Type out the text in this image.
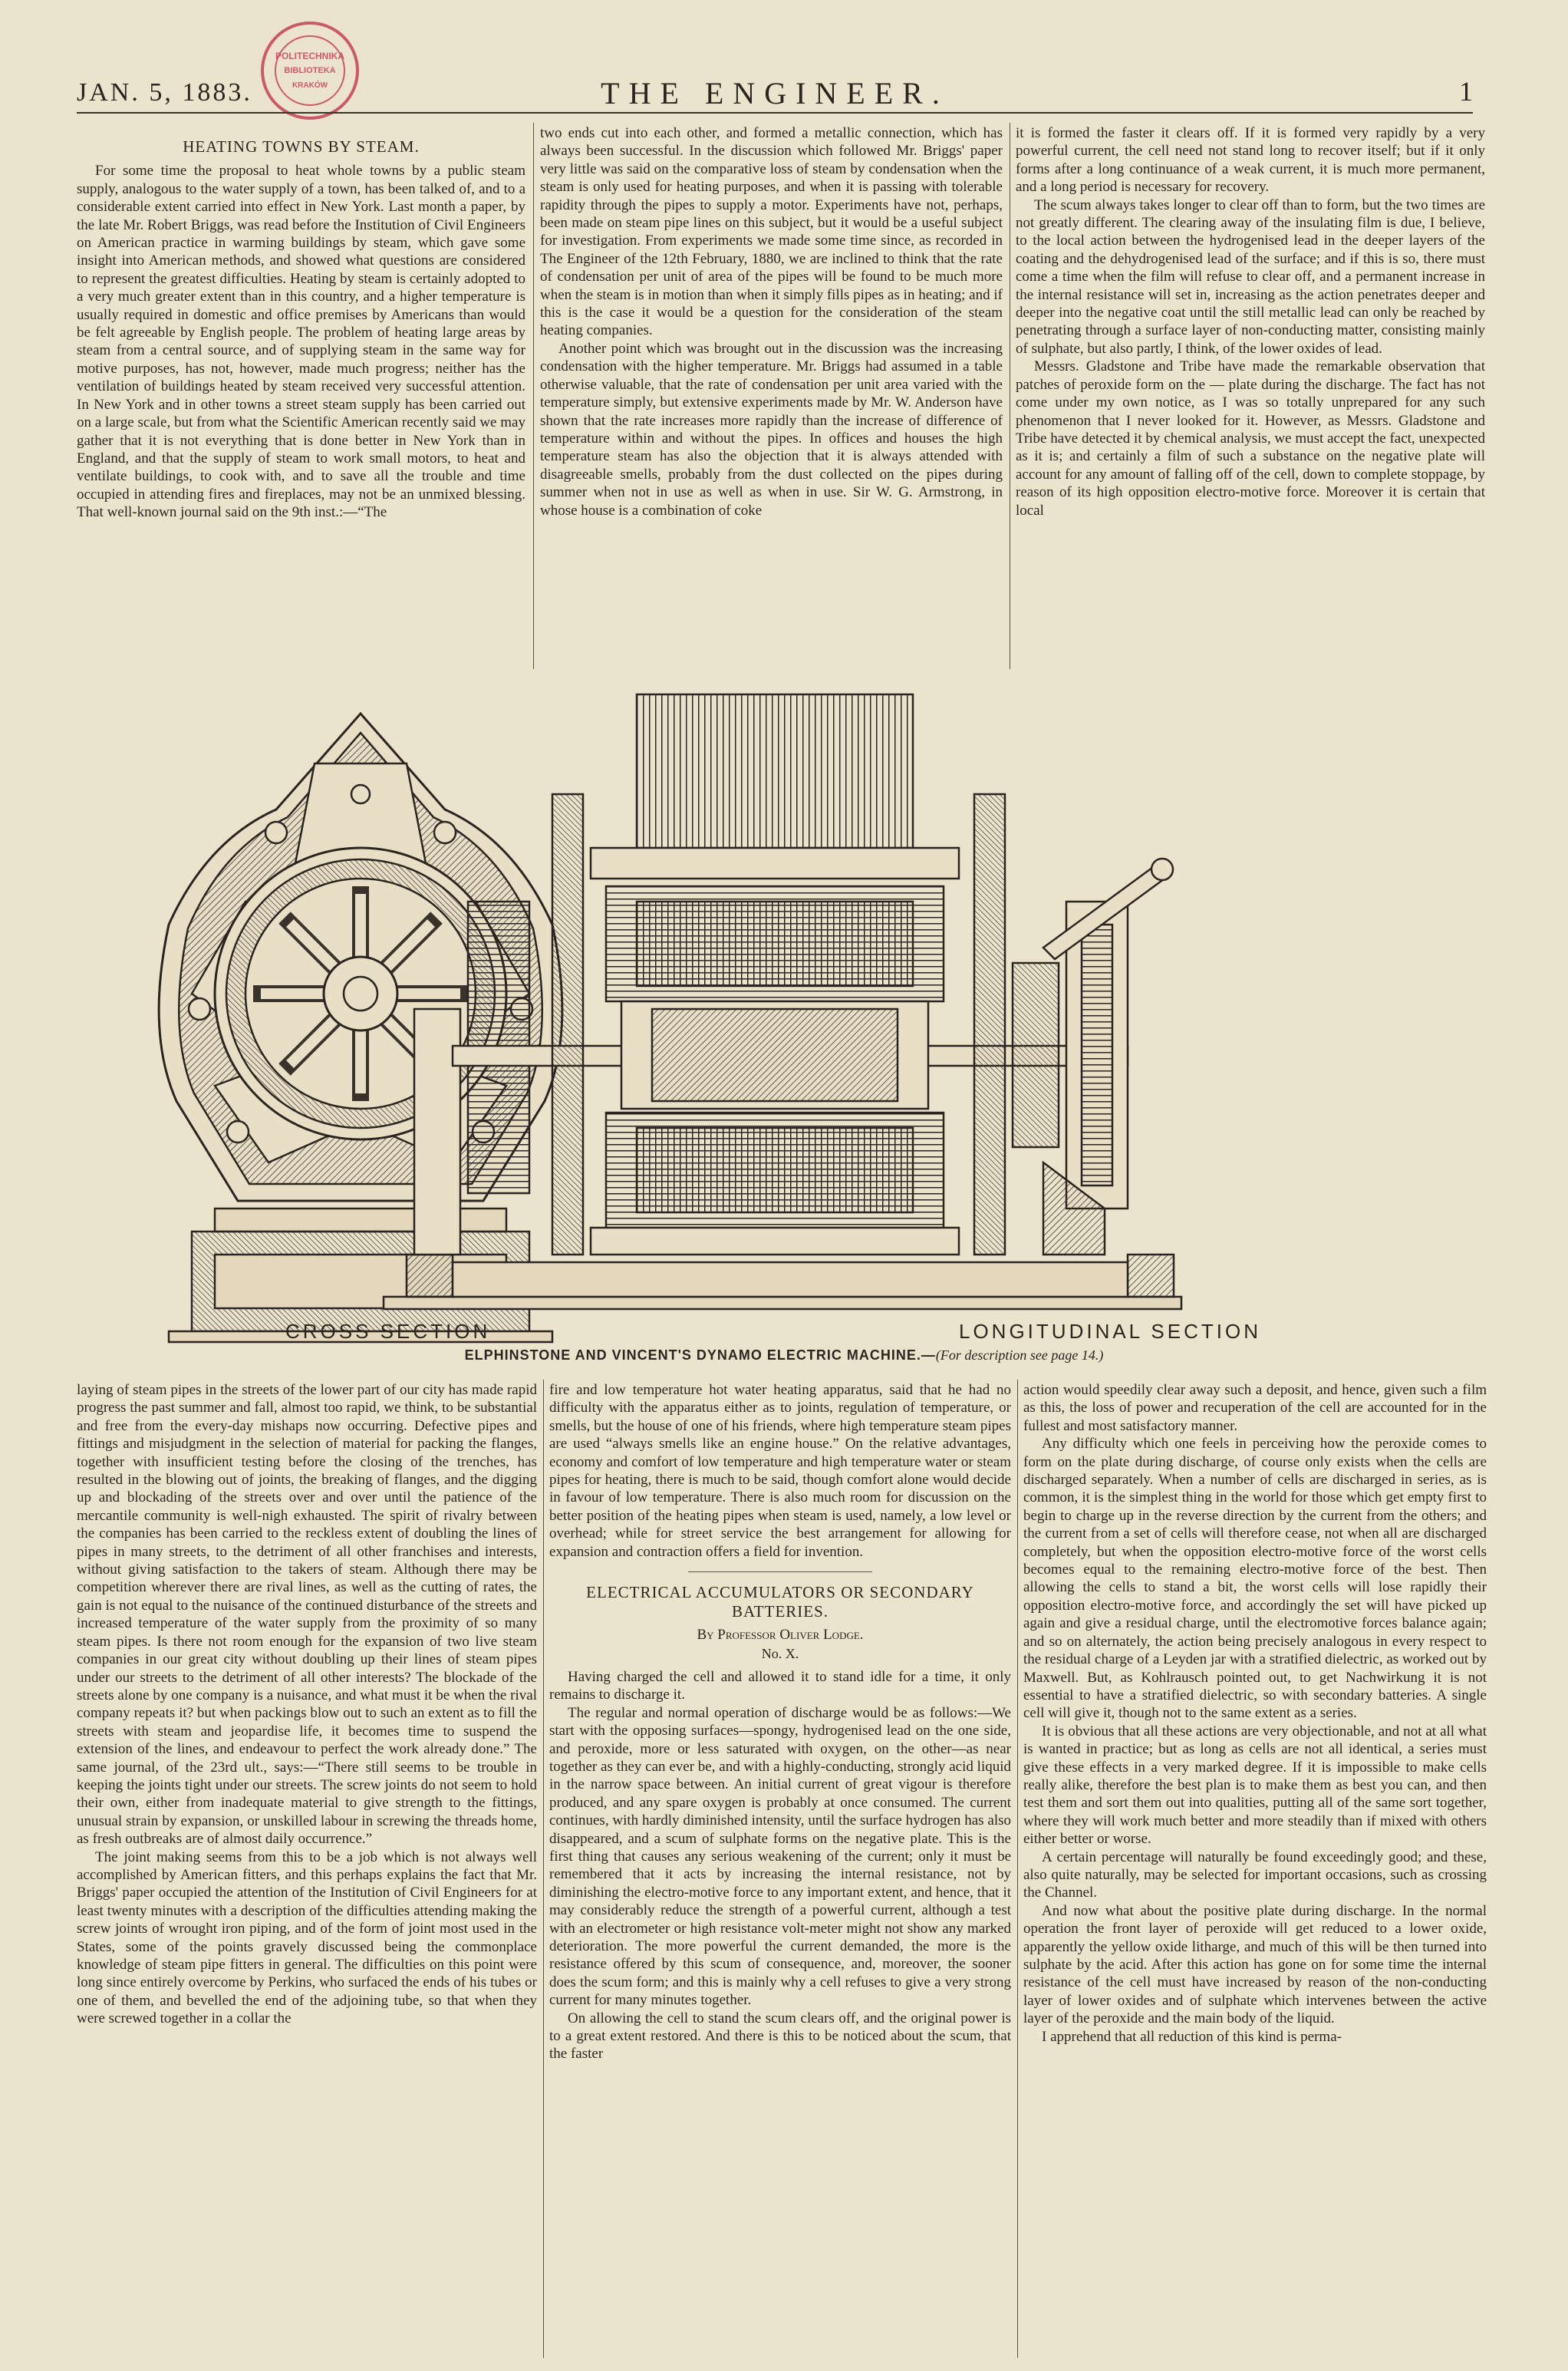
POLITECHNIKA
BIBLIOTEKA
KRAKÓW
JAN. 5, 1883.	THE ENGINEER.	1
HEATING TOWNS BY STEAM.

For some time the proposal to heat whole towns by a public steam supply, analogous to the water supply of a town, has been talked of, and to a considerable extent carried into effect in New York. Last month a paper, by the late Mr. Robert Briggs, was read before the Institution of Civil Engineers on American practice in warming buildings by steam, which gave some insight into American methods, and showed what questions are considered to represent the greatest difficulties. Heating by steam is certainly adopted to a very much greater extent than in this country, and a higher temperature is usually required in domestic and office premises by Americans than would be felt agreeable by English people. The problem of heating large areas by steam from a central source, and of supplying steam in the same way for motive purposes, has not, however, made much progress; neither has the ventilation of buildings heated by steam received very successful attention. In New York and in other towns a street steam supply has been carried out on a large scale, but from what the Scientific American recently said we may gather that it is not everything that is done better in New York than in England, and that the supply of steam to work small motors, to heat and ventilate buildings, to cook with, and to save all the trouble and time occupied in attending fires and fireplaces, may not be an unmixed blessing. That well-known journal said on the 9th inst.:—“The

two ends cut into each other, and formed a metallic connection, which has always been successful. In the discussion which followed Mr. Briggs' paper very little was said on the comparative loss of steam by condensation when the steam is only used for heating purposes, and when it is passing with tolerable rapidity through the pipes to supply a motor. Experiments have not, perhaps, been made on steam pipe lines on this subject, but it would be a useful subject for investigation. From experiments we made some time since, as recorded in The Engineer of the 12th February, 1880, we are inclined to think that the rate of condensation per unit of area of the pipes will be found to be much more when the steam is in motion than when it simply fills pipes as in heating; and if this is the case it would be a question for the consideration of the steam heating companies.

Another point which was brought out in the discussion was the increasing condensation with the higher temperature. Mr. Briggs had assumed in a table otherwise valuable, that the rate of condensation per unit area varied with the temperature simply, but extensive experiments made by Mr. W. Anderson have shown that the rate increases more rapidly than the increase of difference of temperature within and without the pipes. In offices and houses the high temperature steam has also the objection that it is always attended with disagreeable smells, probably from the dust collected on the pipes during summer when not in use as well as when in use. Sir W. G. Armstrong, in whose house is a combination of coke

it is formed the faster it clears off. If it is formed very rapidly by a very powerful current, the cell need not stand long to recover itself; but if it only forms after a long continuance of a weak current, it is much more permanent, and a long period is necessary for recovery.

The scum always takes longer to clear off than to form, but the two times are not greatly different. The clearing away of the insulating film is due, I believe, to the local action between the hydrogenised lead in the deeper layers of the coating and the dehydrogenised lead of the surface; and if this is so, there must come a time when the film will refuse to clear off, and a permanent increase in the internal resistance will set in, increasing as the action penetrates deeper and deeper into the negative coat until the still metallic lead can only be reached by penetrating through a surface layer of non-conducting matter, consisting mainly of sulphate, but also partly, I think, of the lower oxides of lead.

Messrs. Gladstone and Tribe have made the remarkable observation that patches of peroxide form on the — plate during the discharge. The fact has not come under my own notice, as I was so totally unprepared for any such phenomenon that I never looked for it. However, as Messrs. Gladstone and Tribe have detected it by chemical analysis, we must accept the fact, unexpected as it is; and certainly a film of such a substance on the negative plate will account for any amount of falling off of the cell, down to complete stoppage, by reason of its high opposition electro-motive force. Moreover it is certain that local

CROSS SECTION	LONGITUDINAL SECTION
ELPHINSTONE AND VINCENT'S DYNAMO ELECTRIC MACHINE.—(For description see page 14.)

laying of steam pipes in the streets of the lower part of our city has made rapid progress the past summer and fall, almost too rapid, we think, to be substantial and free from the every-day mishaps now occurring. Defective pipes and fittings and misjudgment in the selection of material for packing the flanges, together with insufficient testing before the closing of the trenches, has resulted in the blowing out of joints, the breaking of flanges, and the digging up and blockading of the streets over and over until the patience of the mercantile community is well-nigh exhausted. The spirit of rivalry between the companies has been carried to the reckless extent of doubling the lines of pipes in many streets, to the detriment of all other franchises and interests, without giving satisfaction to the takers of steam. Although there may be competition wherever there are rival lines, as well as the cutting of rates, the gain is not equal to the nuisance of the continued disturbance of the streets and increased temperature of the water supply from the proximity of so many steam pipes. Is there not room enough for the expansion of two live steam companies in our great city without doubling up their lines of steam pipes under our streets to the detriment of all other interests? The blockade of the streets alone by one company is a nuisance, and what must it be when the rival company repeats it? but when packings blow out to such an extent as to fill the streets with steam and jeopardise life, it becomes time to suspend the extension of the lines, and endeavour to perfect the work already done.” The same journal, of the 23rd ult., says:—“There still seems to be trouble in keeping the joints tight under our streets. The screw joints do not seem to hold their own, either from inadequate material to give strength to the fittings, unusual strain by expansion, or unskilled labour in screwing the threads home, as fresh outbreaks are of almost daily occurrence.”

The joint making seems from this to be a job which is not always well accomplished by American fitters, and this perhaps explains the fact that Mr. Briggs' paper occupied the attention of the Institution of Civil Engineers for at least twenty minutes with a description of the difficulties attending making the screw joints of wrought iron piping, and of the form of joint most used in the States, some of the points gravely discussed being the commonplace knowledge of steam pipe fitters in general. The difficulties on this point were long since entirely overcome by Perkins, who surfaced the ends of his tubes or one of them, and bevelled the end of the adjoining tube, so that when they were screwed together in a collar the

fire and low temperature hot water heating apparatus, said that he had no difficulty with the apparatus either as to joints, regulation of temperature, or smells, but the house of one of his friends, where high temperature steam pipes are used “always smells like an engine house.” On the relative advantages, economy and comfort of low temperature and high temperature water or steam pipes for heating, there is much to be said, though comfort alone would decide in favour of low temperature. There is also much room for discussion on the better position of the heating pipes when steam is used, namely, a low level or overhead; while for street service the best arrangement for allowing for expansion and contraction offers a field for invention.

ELECTRICAL ACCUMULATORS OR SECONDARY BATTERIES.
By Professor Oliver Lodge.
No. X.

Having charged the cell and allowed it to stand idle for a time, it only remains to discharge it.

The regular and normal operation of discharge would be as follows:—We start with the opposing surfaces—spongy, hydrogenised lead on the one side, and peroxide, more or less saturated with oxygen, on the other—as near together as they can ever be, and with a highly-conducting, strongly acid liquid in the narrow space between. An initial current of great vigour is therefore produced, and any spare oxygen is probably at once consumed. The current continues, with hardly diminished intensity, until the surface hydrogen has also disappeared, and a scum of sulphate forms on the negative plate. This is the first thing that causes any serious weakening of the current; only it must be remembered that it acts by increasing the internal resistance, not by diminishing the electro-motive force to any important extent, and hence, that it may considerably reduce the strength of a powerful current, although a test with an electrometer or high resistance volt-meter might not show any marked deterioration. The more powerful the current demanded, the more is the resistance offered by this scum of consequence, and, moreover, the sooner does the scum form; and this is mainly why a cell refuses to give a very strong current for many minutes together.

On allowing the cell to stand the scum clears off, and the original power is to a great extent restored. And there is this to be noticed about the scum, that the faster

action would speedily clear away such a deposit, and hence, given such a film as this, the loss of power and recuperation of the cell are accounted for in the fullest and most satisfactory manner.

Any difficulty which one feels in perceiving how the peroxide comes to form on the plate during discharge, of course only exists when the cells are discharged separately. When a number of cells are discharged in series, as is common, it is the simplest thing in the world for those which get empty first to begin to charge up in the reverse direction by the current from the others; and the current from a set of cells will therefore cease, not when all are discharged completely, but when the opposition electro-motive force of the worst cells becomes equal to the remaining electro-motive force of the best. Then allowing the cells to stand a bit, the worst cells will lose rapidly their opposition electro-motive force, and accordingly the set will have picked up again and give a residual charge, until the electromotive forces balance again; and so on alternately, the action being precisely analogous in every respect to the residual charge of a Leyden jar with a stratified dielectric, as worked out by Maxwell. But, as Kohlrausch pointed out, to get Nachwirkung it is not essential to have a stratified dielectric, so with secondary batteries. A single cell will give it, though not to the same extent as a series.

It is obvious that all these actions are very objectionable, and not at all what is wanted in practice; but as long as cells are not all identical, a series must give these effects in a very marked degree. If it is impossible to make cells really alike, therefore the best plan is to make them as best you can, and then test them and sort them out into qualities, putting all of the same sort together, where they will work much better and more steadily than if mixed with others either better or worse.

A certain percentage will naturally be found exceedingly good; and these, also quite naturally, may be selected for important occasions, such as crossing the Channel.

And now what about the positive plate during discharge. In the normal operation the front layer of peroxide will get reduced to a lower oxide, apparently the yellow oxide litharge, and much of this will be then turned into sulphate by the acid. After this action has gone on for some time the internal resistance of the cell must have increased by reason of the non-conducting layer of lower oxides and of sulphate which intervenes between the active layer of the peroxide and the main body of the liquid.

I apprehend that all reduction of this kind is perma-
